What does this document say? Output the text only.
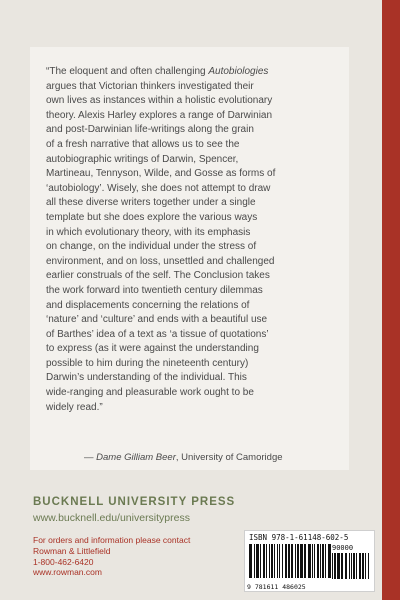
“The eloquent and often challenging Autobiologies
argues that Victorian thinkers investigated their
own lives as instances within a holistic evolutionary
theory. Alexis Harley explores a range of Darwinian
and post-Darwinian life-writings along the grain
of a fresh narrative that allows us to see the
autobiographic writings of Darwin, Spencer,
Martineau, Tennyson, Wilde, and Gosse as forms of
‘autobiology’. Wisely, she does not attempt to draw
all these diverse writers together under a single
template but she does explore the various ways
in which evolutionary theory, with its emphasis
on change, on the individual under the stress of
environment, and on loss, unsettled and challenged
earlier construals of the self. The Conclusion takes
the work forward into twentieth century dilemmas
and displacements concerning the relations of
‘nature’ and ‘culture’ and ends with a beautiful use
of Barthes’ idea of a text as ‘a tissue of quotations’
to express (as it were against the understanding
possible to him during the nineteenth century)
Darwin’s understanding of the individual. This
wide-ranging and pleasurable work ought to be
widely read.”
— Dame Gilliam Beer, University of Camoridge
BUCKNELL UNIVERSITY PRESS
www.bucknell.edu/universitypress
For orders and information please contact
Rowman & Littlefield
1-800-462-6420
www.rowman.com
ISBN 978-1-61148-602-5
90000
9 781611 486025
